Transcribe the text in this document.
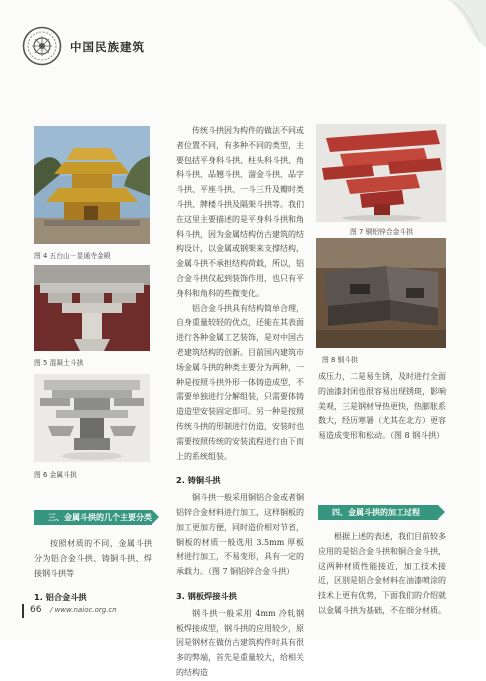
中国民族建筑
图 4 五台山－显通寺金殿
图 5 混凝土斗拱
图 6 金属斗拱
图 7 铜铝锌合金斗拱
图 8 钢斗拱

传统斗拱因为构件的做法不同或者位置不同，有多种不同的类型，主要包括平身科斗拱、柱头科斗拱、角科斗拱、品翘斗拱、溜金斗拱、品字斗拱、平座斗拱、一斗三升及瓣时类斗拱、牌楼斗拱及隔架斗拱等。我们在这里主要描述的是平身科斗拱和角科斗拱，因为金属结构仿古建筑的结构设计，以金属或钢架来支撑结构，金属斗拱不承担结构荷载，所以，铝合金斗拱仅起到装饰作用，也只有平身科和角科的些微变化。

铝合金斗拱具有结构简单合理，自身重量较轻的优点，还能在其表面进行各种金属工艺装饰，是对中国古老建筑结构的创新。目前国内建筑市场金属斗拱的种类主要分为两种，一种是按照斗拱外形一体铸造成型，不需要单独进行分解组装，只需要体铸造造型安装固定即可。另一种是按照传统斗拱的形制进行仿造，安装时也需要按照传统的安装流程进行由下而上的系统组装。

2. 铸铜斗拱

铜斗拱一般采用铜铝合金或者铜铝锌合金材料进行加工，这样铜板的加工更加方便，同时造价相对节省，铜板的材质一般选用 3.5mm 厚板材进行加工，不易变形，具有一定的承载力。（图 7 铜铝锌合金斗拱）

3. 钢板焊接斗拱

钢斗拱一般采用 4mm 冷轧钢板焊接成型，钢斗拱的应用较少，原因是钢材在做仿古建筑构件时具有很多的弊端，首先是重量较大，给相关的结构造

三、金属斗拱的几个主要分类

按照材质的不同，金属斗拱分为铝合金斗拱、铸铜斗拱、焊接钢斗拱等

1. 铝合金斗拱

成压力，二是易生锈，及时进行全面的油漆封闭也很容易出现锈斑，影响美观，三是钢材导热更快，热膨胀系数大，经历寒暑（尤其在北方）更容易造成变形和松动。（图 8 钢斗拱）

四、金属斗拱的加工过程

根据上述的表述，我们目前较多应用的是铝合金斗拱和铜合金斗拱，这两种材质性能接近，加工技术接近，区别是铝合金材料在油漆喷涂的技术上更有优势，下面我们的介绍就以金属斗拱为基础，不在细分材质。

66 / www.naioc.org.cn
